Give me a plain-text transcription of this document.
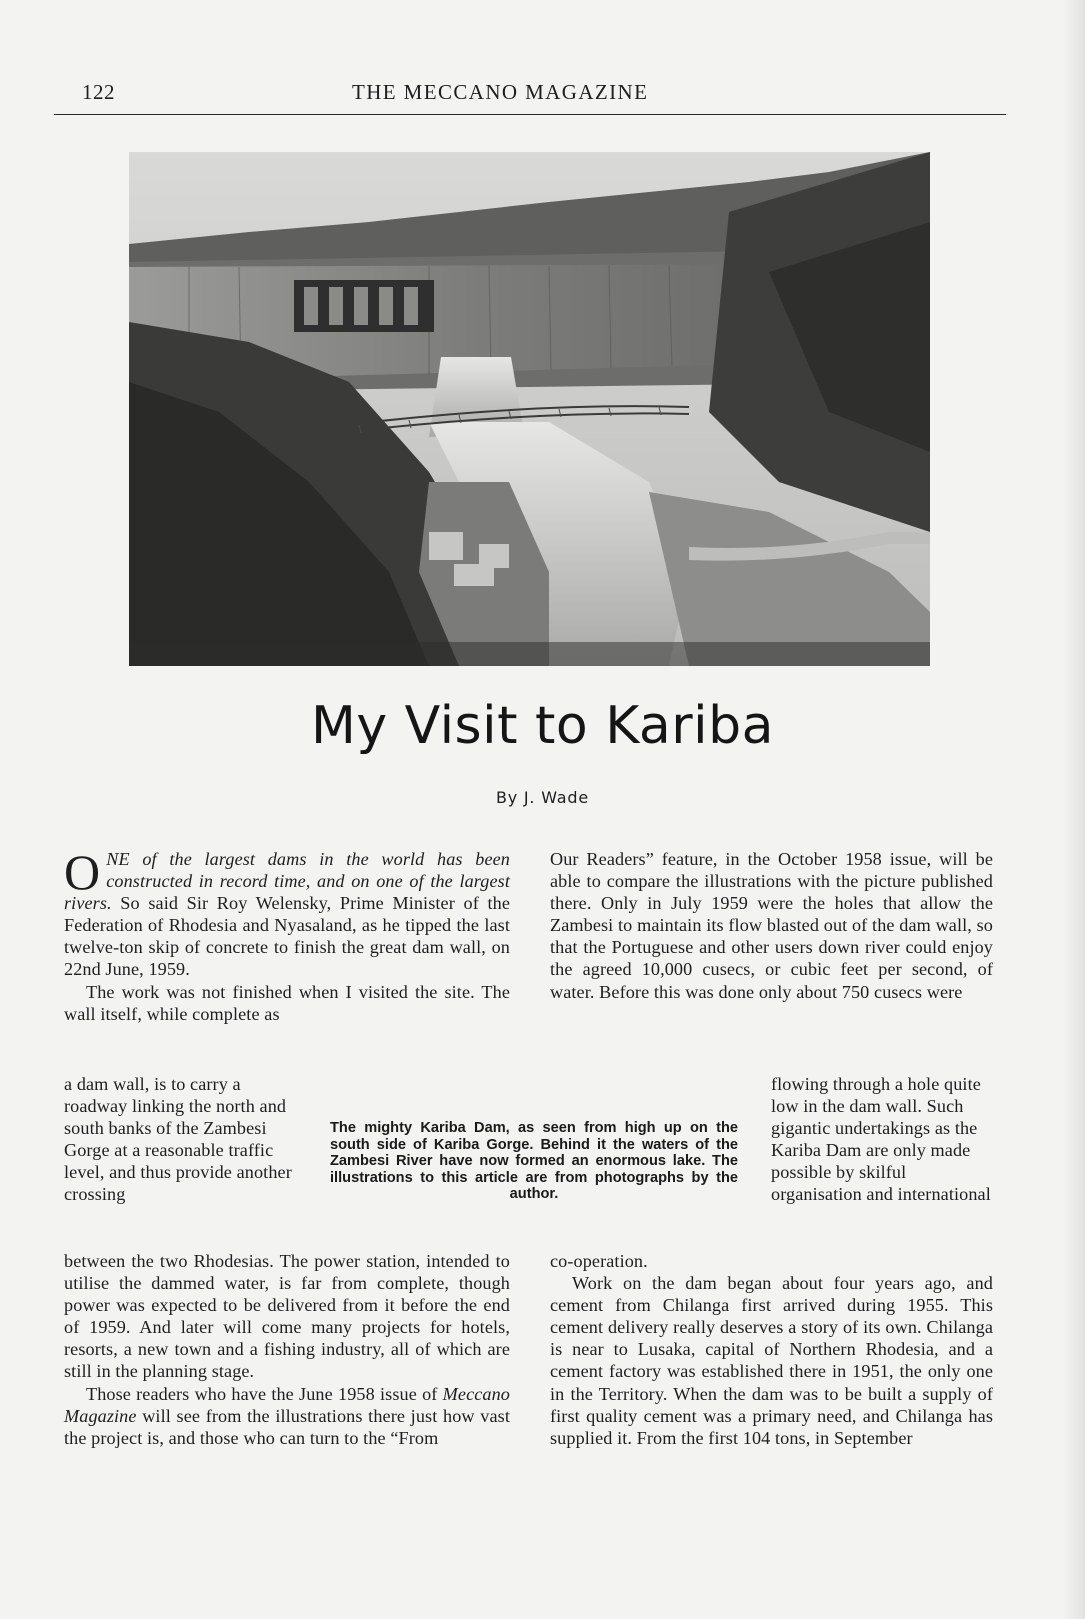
122	THE MECCANO MAGAZINE
My Visit to Kariba
By J. Wade

ONE of the largest dams in the world has been constructed in record time, and on one of the largest rivers. So said Sir Roy Welensky, Prime Minister of the Federation of Rhodesia and Nyasaland, as he tipped the last twelve-ton skip of concrete to finish the great dam wall, on 22nd June, 1959.

The work was not finished when I visited the site. The wall itself, while complete as

a dam wall, is to carry a roadway linking the north and south banks of the Zambesi Gorge at a reasonable traffic level, and thus provide another crossing

between the two Rhodesias. The power station, intended to utilise the dammed water, is far from complete, though power was expected to be delivered from it before the end of 1959. And later will come many projects for hotels, resorts, a new town and a fishing industry, all of which are still in the planning stage.

Those readers who have the June 1958 issue of Meccano Magazine will see from the illustrations there just how vast the project is, and those who can turn to the “From

The mighty Kariba Dam, as seen from high up on the south side of Kariba Gorge. Behind it the waters of the Zambesi River have now formed an enormous lake. The illustrations to this article are from photographs by the author.

Our Readers” feature, in the October 1958 issue, will be able to compare the illustrations with the picture published there. Only in July 1959 were the holes that allow the Zambesi to maintain its flow blasted out of the dam wall, so that the Portuguese and other users down river could enjoy the agreed 10,000 cusecs, or cubic feet per second, of water. Before this was done only about 750 cusecs were

flowing through a hole quite low in the dam wall. Such gigantic undertakings as the Kariba Dam are only made possible by skilful organisation and international

co-operation.

Work on the dam began about four years ago, and cement from Chilanga first arrived during 1955. This cement delivery really deserves a story of its own. Chilanga is near to Lusaka, capital of Northern Rhodesia, and a cement factory was established there in 1951, the only one in the Territory. When the dam was to be built a supply of first quality cement was a primary need, and Chilanga has supplied it. From the first 104 tons, in September
